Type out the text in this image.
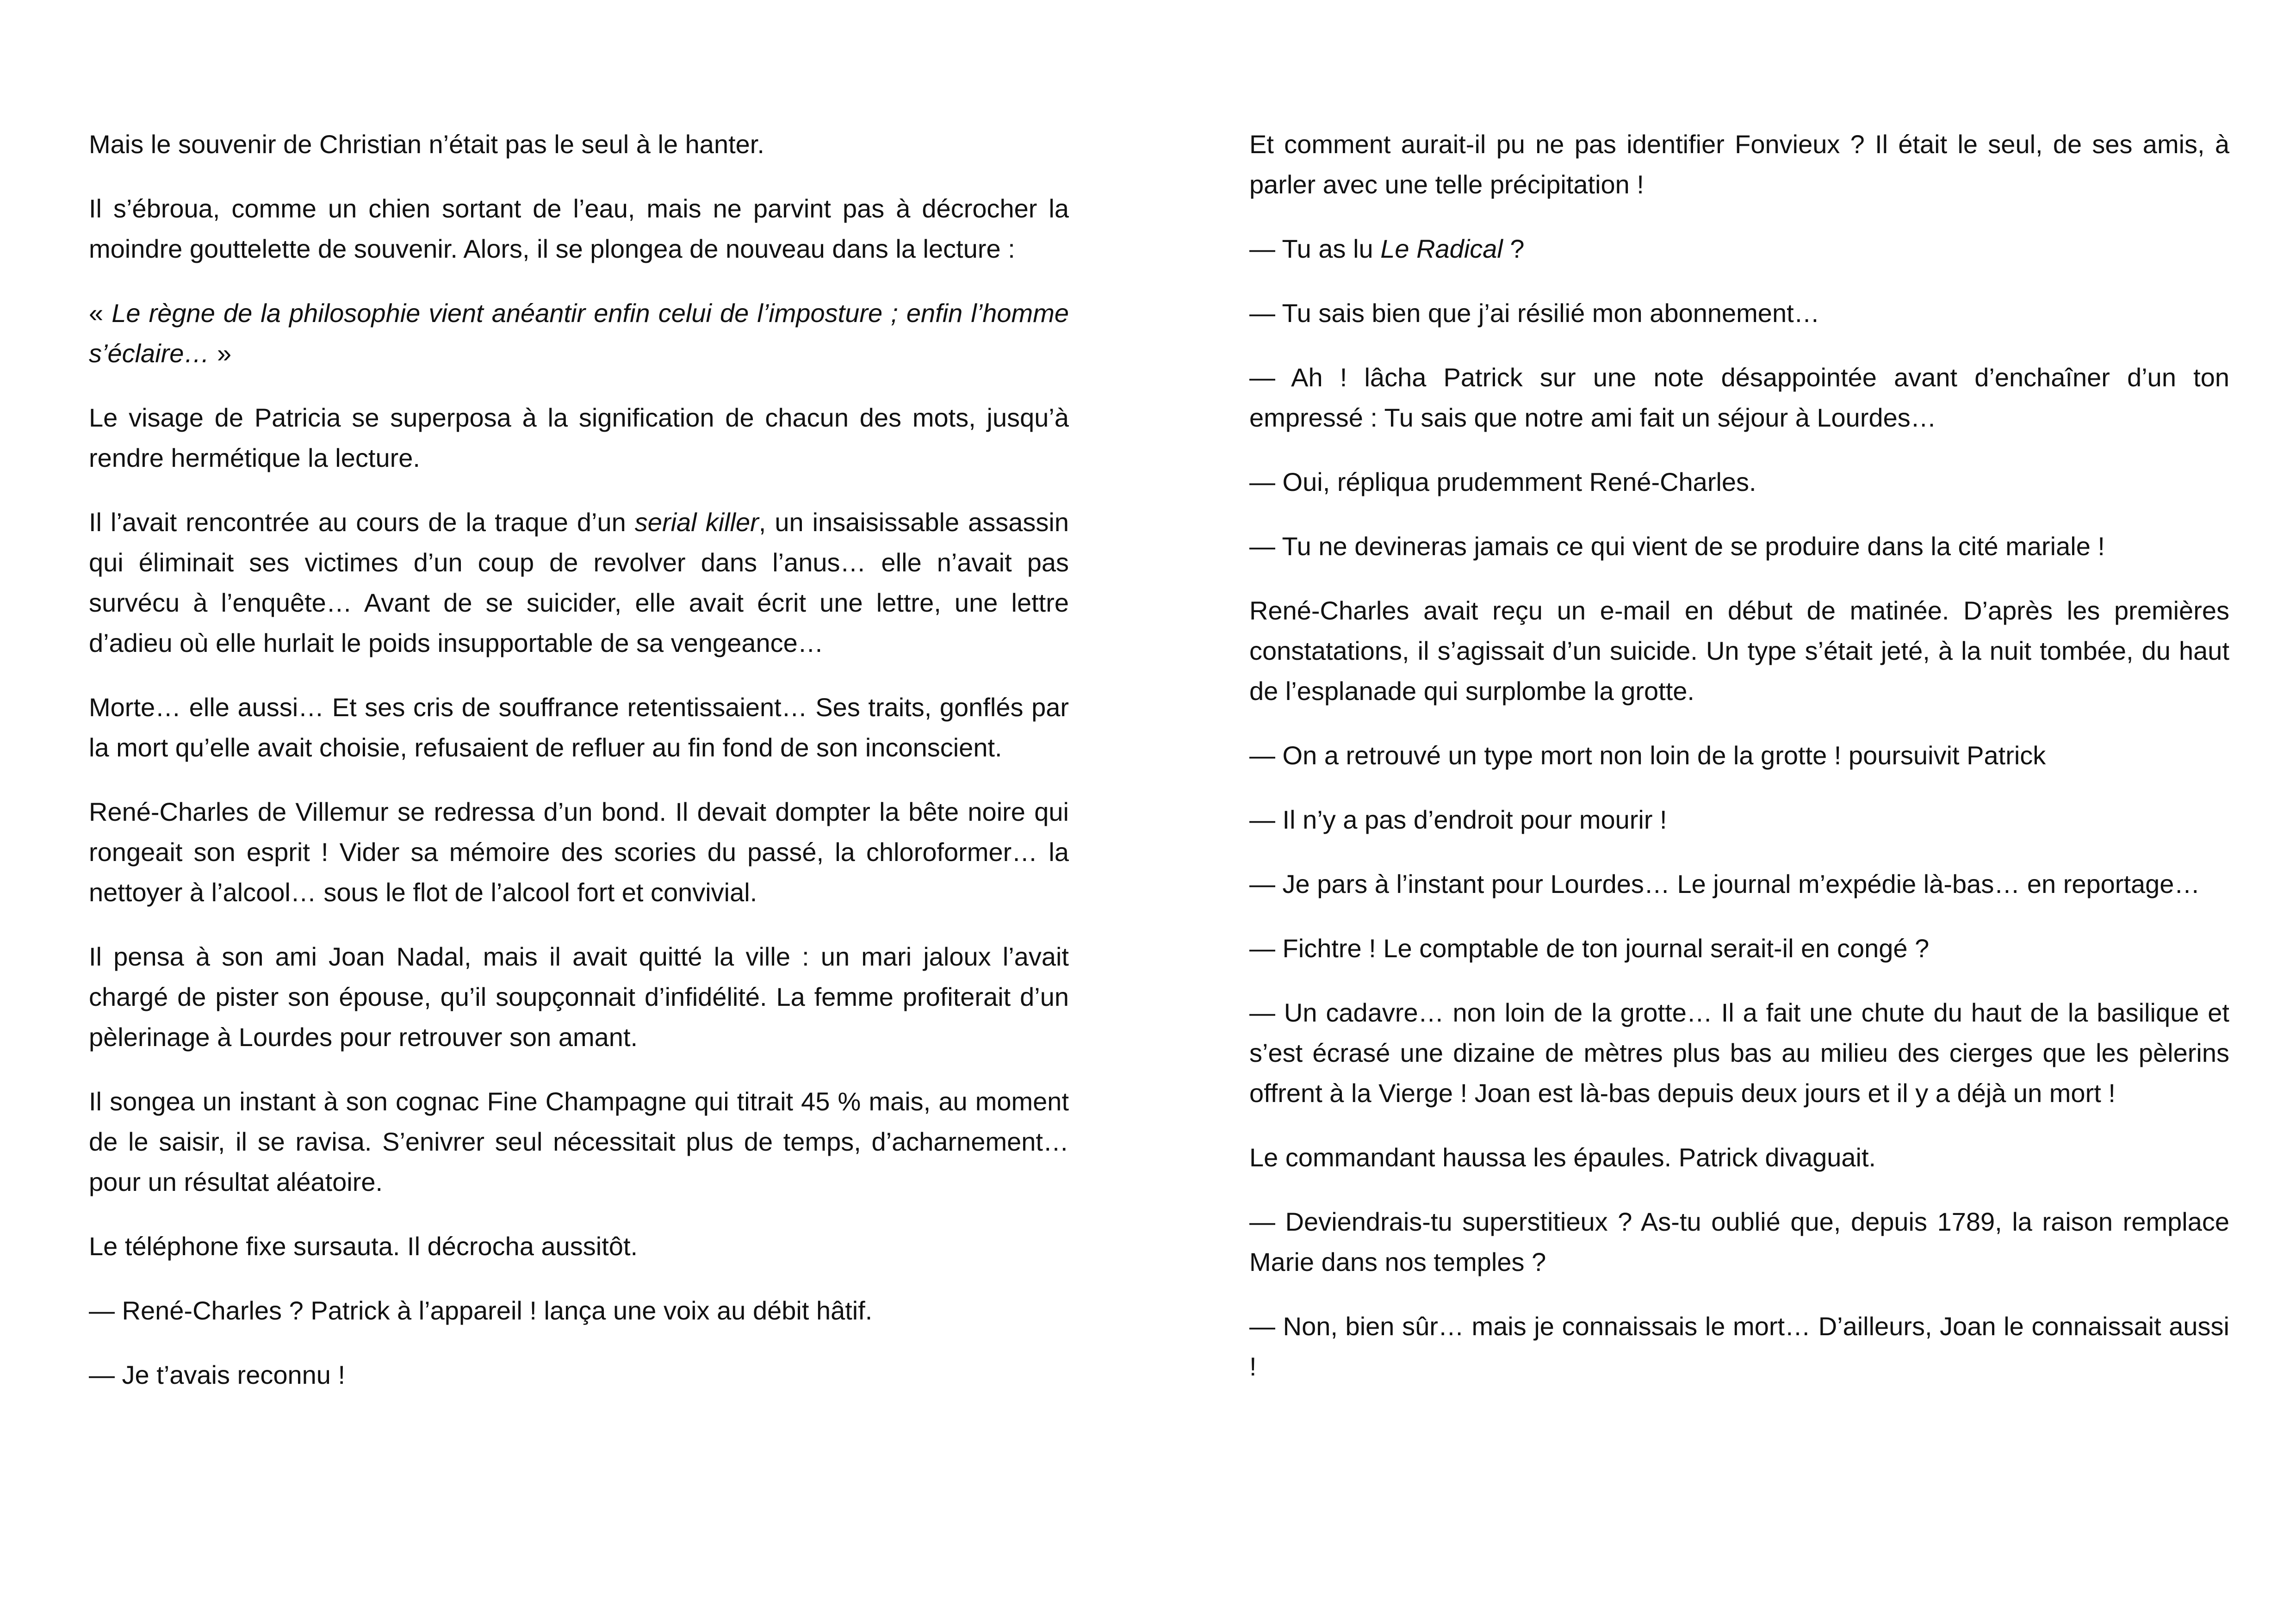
Mais le souvenir de Christian n’était pas le seul à le hanter.

Il s’ébroua, comme un chien sortant de l’eau, mais ne parvint pas à décrocher la moindre gouttelette de souvenir. Alors, il se plongea de nouveau dans la lecture :

« Le règne de la philosophie vient anéantir enfin celui de l’imposture ; enfin l’homme s’éclaire… »

Le visage de Patricia se superposa à la signification de chacun des mots, jusqu’à rendre hermétique la lecture.

Il l’avait rencontrée au cours de la traque d’un serial killer, un insaisissable assassin qui éliminait ses victimes d’un coup de revolver dans l’anus… elle n’avait pas survécu à l’enquête… Avant de se suicider, elle avait écrit une lettre, une lettre d’adieu où elle hurlait le poids insupportable de sa vengeance…

Morte… elle aussi… Et ses cris de souffrance retentissaient… Ses traits, gonflés par la mort qu’elle avait choisie, refusaient de refluer au fin fond de son inconscient.

René-Charles de Villemur se redressa d’un bond. Il devait dompter la bête noire qui rongeait son esprit ! Vider sa mémoire des scories du passé, la chloroformer… la nettoyer à l’alcool… sous le flot de l’alcool fort et convivial.

Il pensa à son ami Joan Nadal, mais il avait quitté la ville : un mari jaloux l’avait chargé de pister son épouse, qu’il soupçonnait d’infidélité. La femme profiterait d’un pèlerinage à Lourdes pour retrouver son amant.

Il songea un instant à son cognac Fine Champagne qui titrait 45 % mais, au moment de le saisir, il se ravisa. S’enivrer seul nécessitait plus de temps, d’acharnement… pour un résultat aléatoire.

Le téléphone fixe sursauta. Il décrocha aussitôt.

— René-Charles ? Patrick à l’appareil ! lança une voix au débit hâtif.

— Je t’avais reconnu !

Et comment aurait-il pu ne pas identifier Fonvieux ? Il était le seul, de ses amis, à parler avec une telle précipitation !

— Tu as lu Le Radical ?

— Tu sais bien que j’ai résilié mon abonnement…

— Ah ! lâcha Patrick sur une note désappointée avant d’enchaîner d’un ton empressé : Tu sais que notre ami fait un séjour à Lourdes…

— Oui, répliqua prudemment René-Charles.

— Tu ne devineras jamais ce qui vient de se produire dans la cité mariale !

René-Charles avait reçu un e-mail en début de matinée. D’après les premières constatations, il s’agissait d’un suicide. Un type s’était jeté, à la nuit tombée, du haut de l’esplanade qui surplombe la grotte.

— On a retrouvé un type mort non loin de la grotte ! poursuivit Patrick

— Il n’y a pas d’endroit pour mourir !

— Je pars à l’instant pour Lourdes… Le journal m’expédie là-bas… en reportage…

— Fichtre ! Le comptable de ton journal serait-il en congé ?

— Un cadavre… non loin de la grotte… Il a fait une chute du haut de la basilique et s’est écrasé une dizaine de mètres plus bas au milieu des cierges que les pèlerins offrent à la Vierge ! Joan est là-bas depuis deux jours et il y a déjà un mort !

Le commandant haussa les épaules. Patrick divaguait.

— Deviendrais-tu superstitieux ? As-tu oublié que, depuis 1789, la raison remplace Marie dans nos temples ?

— Non, bien sûr… mais je connaissais le mort… D’ailleurs, Joan le connaissait aussi !
